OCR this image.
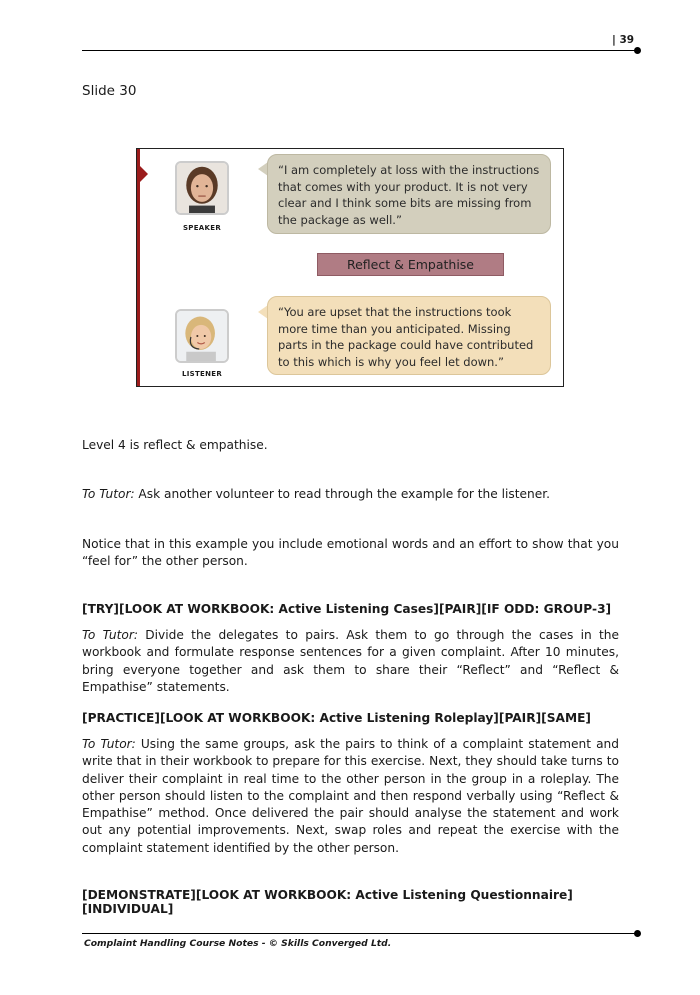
| 39
Slide 30
SPEAKER
“I am completely at loss with the instructions that comes with your product. It is not very clear and I think some bits are missing from the package as well.”
Reflect & Empathise
LISTENER
“You are upset that the instructions took more time than you anticipated. Missing parts in the package could have contributed to this which is why you feel let down.”

Level 4 is reflect & empathise.

To Tutor: Ask another volunteer to read through the example for the listener.

Notice that in this example you include emotional words and an effort to show that you “feel for” the other person.

[TRY][LOOK AT WORKBOOK: Active Listening Cases][PAIR][IF ODD: GROUP-3]

To Tutor: Divide the delegates to pairs. Ask them to go through the cases in the workbook and formulate response sentences for a given complaint. After 10 minutes, bring everyone together and ask them to share their “Reflect” and “Reflect & Empathise” statements.

[PRACTICE][LOOK AT WORKBOOK: Active Listening Roleplay][PAIR][SAME]

To Tutor: Using the same groups, ask the pairs to think of a complaint statement and write that in their workbook to prepare for this exercise. Next, they should take turns to deliver their complaint in real time to the other person in the group in a roleplay. The other person should listen to the complaint and then respond verbally using “Reflect & Empathise” method. Once delivered the pair should analyse the statement and work out any potential improvements. Next, swap roles and repeat the exercise with the complaint statement identified by the other person.

[DEMONSTRATE][LOOK AT WORKBOOK: Active Listening Questionnaire][INDIVIDUAL]

Complaint Handling Course Notes - © Skills Converged Ltd.
